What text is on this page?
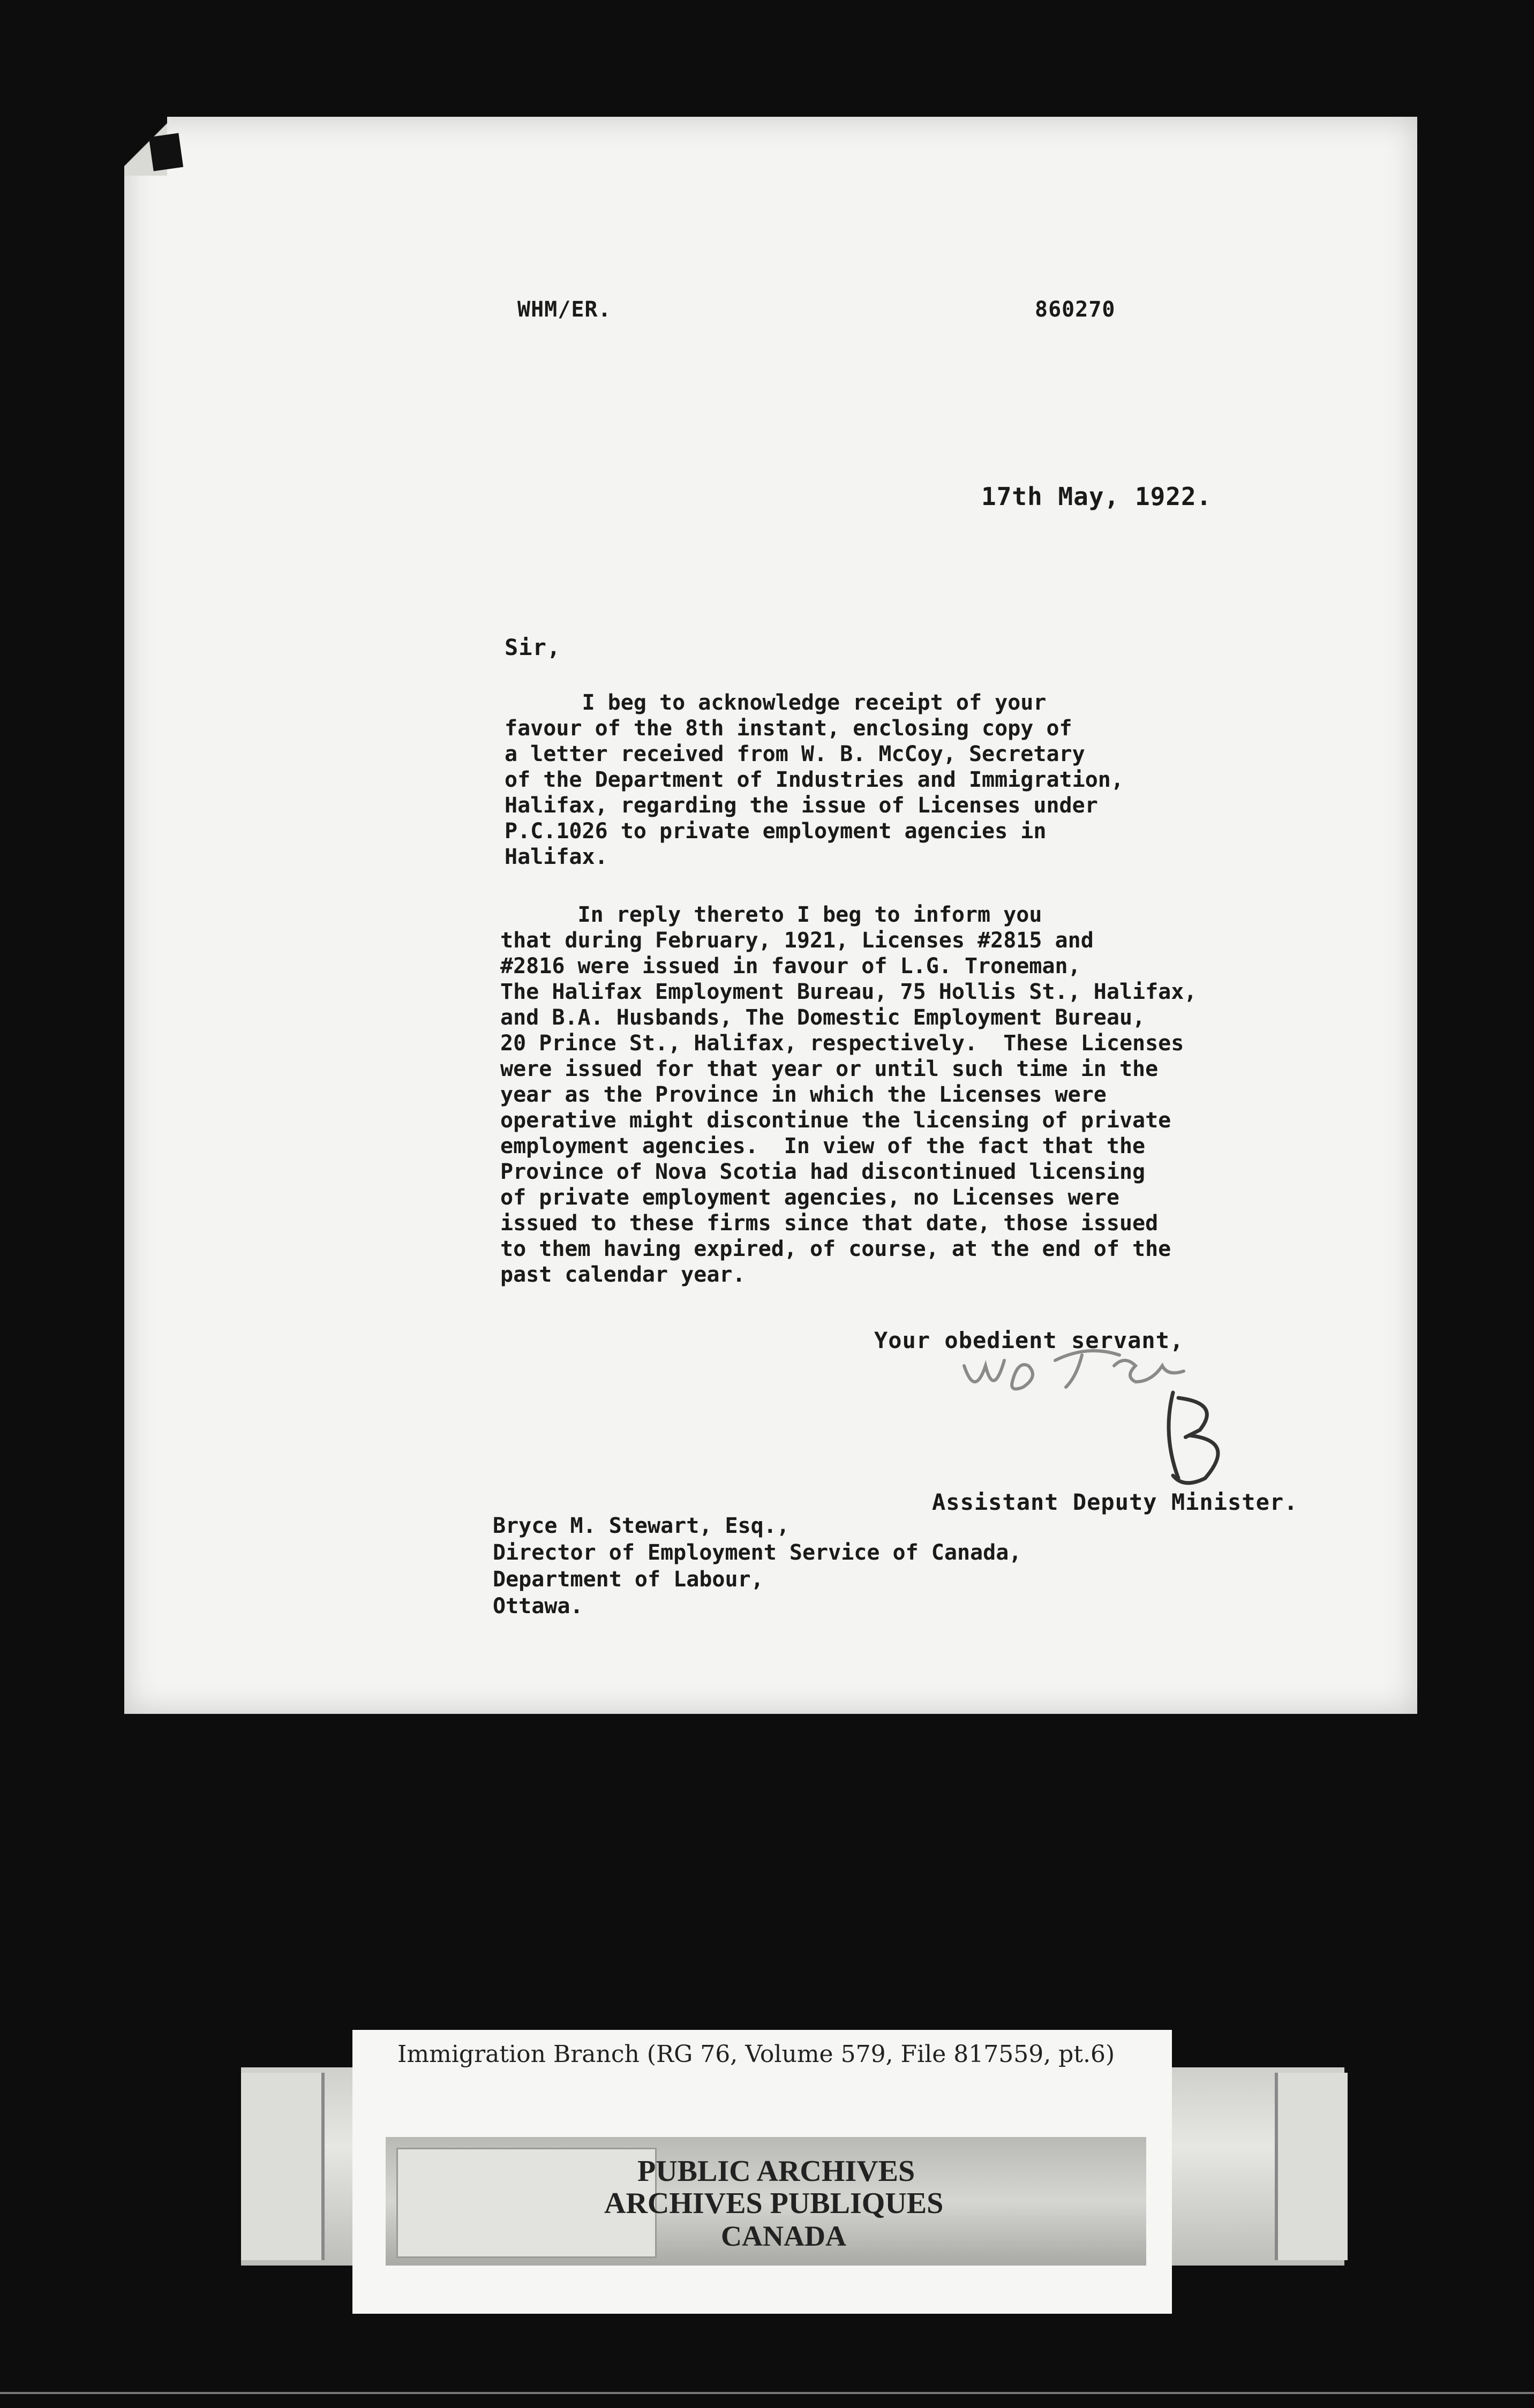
WHM/ER.	860270
17th May, 1922.
Sir,
I beg to acknowledge receipt of your
favour of the 8th instant, enclosing copy of
a letter received from W. B. McCoy, Secretary
of the Department of Industries and Immigration,
Halifax, regarding the issue of Licenses under
P.C.1026 to private employment agencies in
Halifax.
In reply thereto I beg to inform you
that during February, 1921, Licenses #2815 and
#2816 were issued in favour of L.G. Troneman,
The Halifax Employment Bureau, 75 Hollis St., Halifax,
and B.A. Husbands, The Domestic Employment Bureau,
20 Prince St., Halifax, respectively.  These Licenses
were issued for that year or until such time in the
year as the Province in which the Licenses were
operative might discontinue the licensing of private
employment agencies.  In view of the fact that the
Province of Nova Scotia had discontinued licensing
of private employment agencies, no Licenses were
issued to these firms since that date, those issued
to them having expired, of course, at the end of the
past calendar year.
Your obedient servant,
Assistant Deputy Minister.
Bryce M. Stewart, Esq.,
Director of Employment Service of Canada,
Department of Labour,
Ottawa.
Immigration Branch (RG 76, Volume 579, File 817559, pt.6)
PUBLIC ARCHIVES
ARCHIVES PUBLIQUES
CANADA
